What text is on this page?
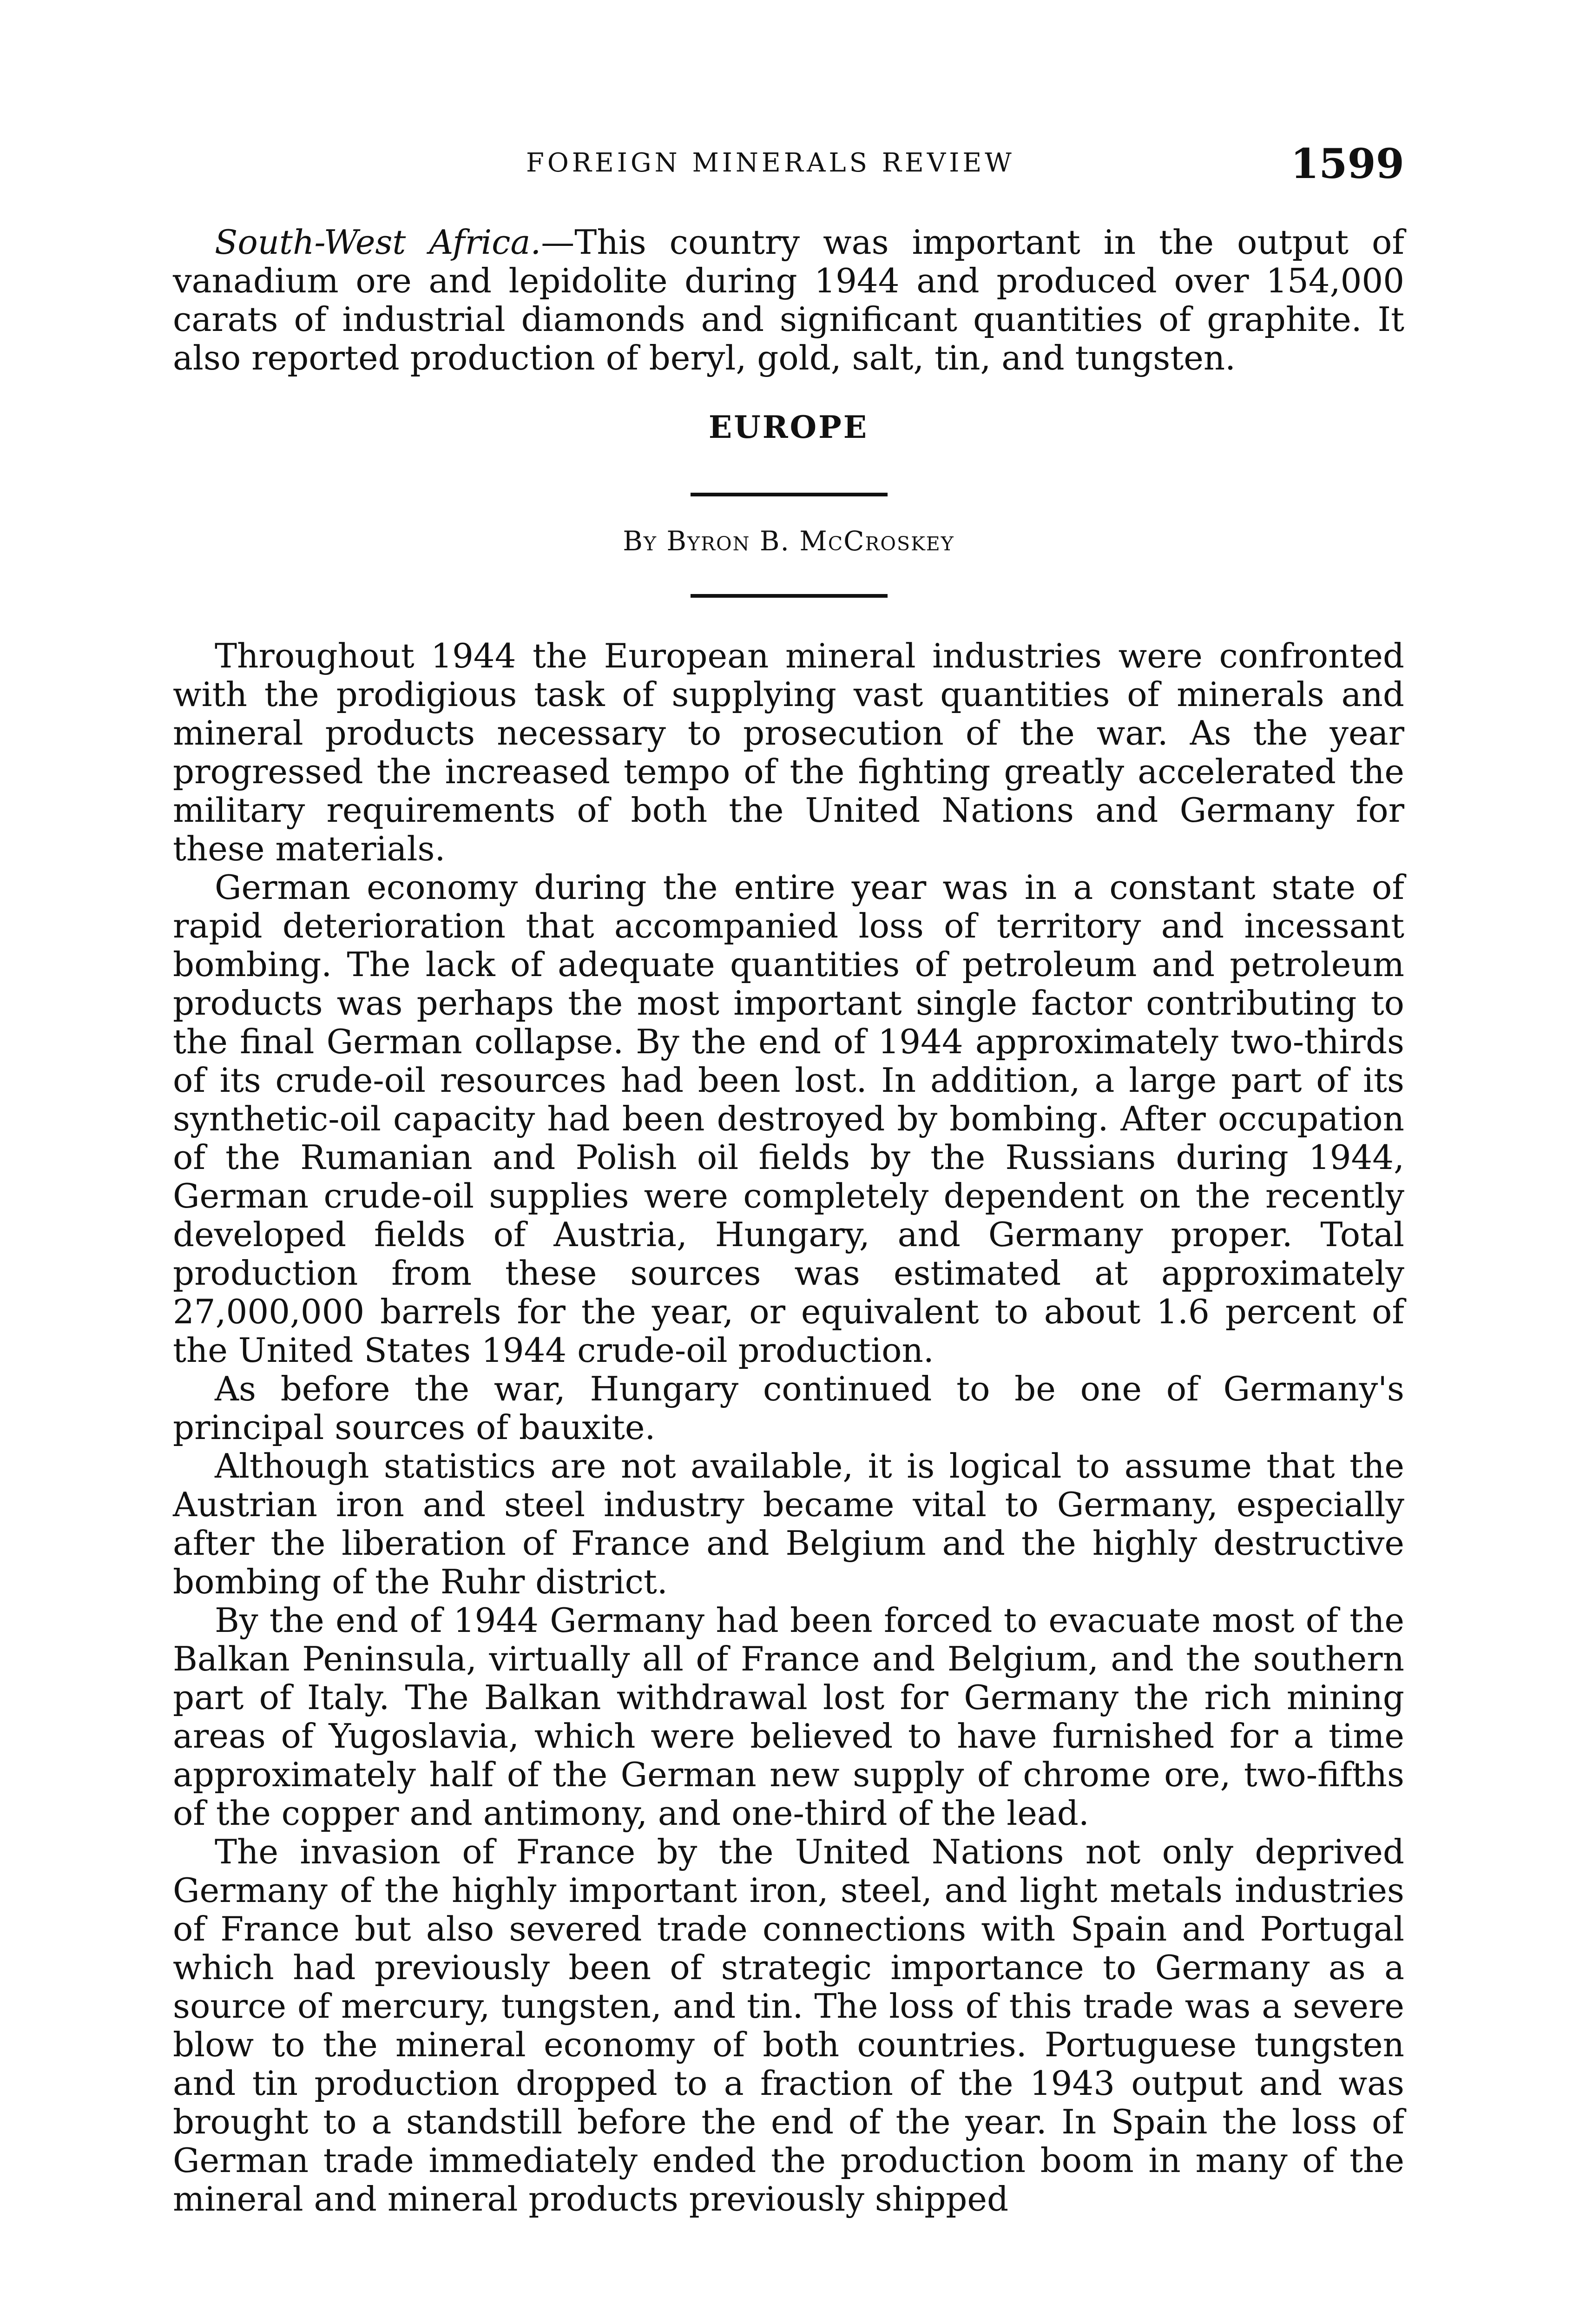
FOREIGN MINERALS REVIEW	1599

South-West Africa.—This country was important in the output of vanadium ore and lepidolite during 1944 and produced over 154,000 carats of industrial diamonds and significant quantities of graphite. It also reported production of beryl, gold, salt, tin, and tungsten.

EUROPE
By Byron B. McCroskey

Throughout 1944 the European mineral industries were confronted with the prodigious task of supplying vast quantities of minerals and mineral products necessary to prosecution of the war. As the year progressed the increased tempo of the fighting greatly accelerated the military requirements of both the United Nations and Germany for these materials.

German economy during the entire year was in a constant state of rapid deterioration that accompanied loss of territory and incessant bombing. The lack of adequate quantities of petroleum and petroleum products was perhaps the most important single factor contributing to the final German collapse. By the end of 1944 approximately two-thirds of its crude-oil resources had been lost. In addition, a large part of its synthetic-oil capacity had been destroyed by bombing. After occupation of the Rumanian and Polish oil fields by the Russians during 1944, German crude-oil supplies were completely dependent on the recently developed fields of Austria, Hungary, and Germany proper. Total production from these sources was estimated at approximately 27,000,000 barrels for the year, or equivalent to about 1.6 percent of the United States 1944 crude-oil production.

As before the war, Hungary continued to be one of Germany's principal sources of bauxite.

Although statistics are not available, it is logical to assume that the Austrian iron and steel industry became vital to Germany, especially after the liberation of France and Belgium and the highly destructive bombing of the Ruhr district.

By the end of 1944 Germany had been forced to evacuate most of the Balkan Peninsula, virtually all of France and Belgium, and the southern part of Italy. The Balkan withdrawal lost for Germany the rich mining areas of Yugoslavia, which were believed to have furnished for a time approximately half of the German new supply of chrome ore, two-fifths of the copper and antimony, and one-third of the lead.

The invasion of France by the United Nations not only deprived Germany of the highly important iron, steel, and light metals industries of France but also severed trade connections with Spain and Portugal which had previously been of strategic importance to Germany as a source of mercury, tungsten, and tin. The loss of this trade was a severe blow to the mineral economy of both countries. Portuguese tungsten and tin production dropped to a fraction of the 1943 output and was brought to a standstill before the end of the year. In Spain the loss of German trade immediately ended the production boom in many of the mineral and mineral products previously shipped
